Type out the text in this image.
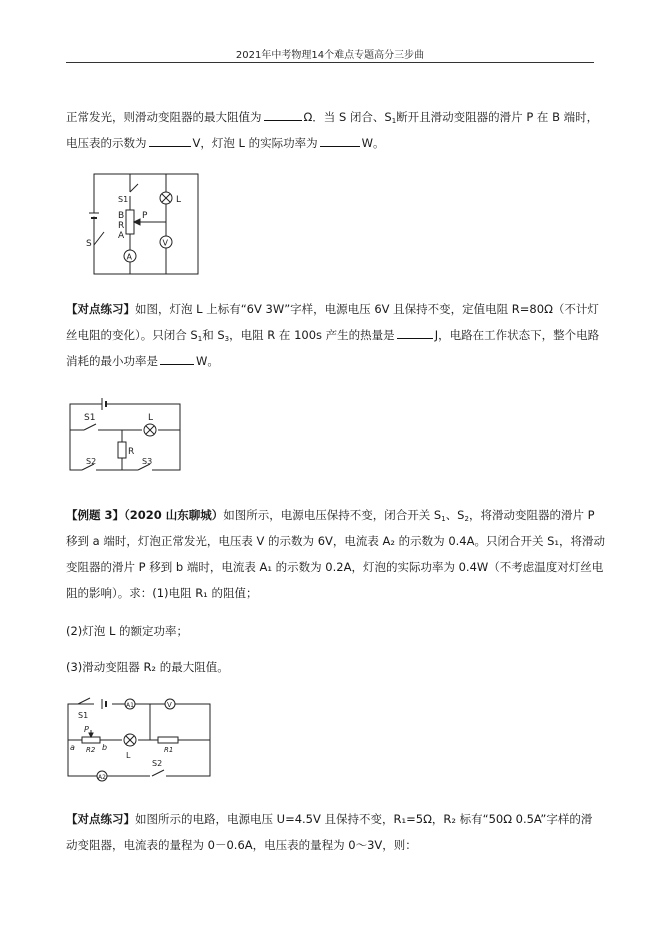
2021年中考物理14个难点专题高分三步曲
正常发光，则滑动变阻器的最大阻值为	Ω．当 S 闭合、$S_1$断开且滑动变阻器的滑片 P 在 B 端时，
电压表的示数为	V，灯泡 L 的实际功率为	W。
S1
B
R
A
P
L
V
A
S
【对点练习】如图，灯泡 L 上标有“6V 3W”字样，电源电压 6V 且保持不变，定值电阻 R=80Ω（不计灯
丝电阻的变化）。只闭合 $S_1$和 $S_3$，电阻 R 在 100s 产生的热量是	J，电路在工作状态下，整个电路
消耗的最小功率是	W。
S1	L
R
S2	S3
【例题 3】（2020 山东聊城）如图所示，电源电压保持不变，闭合开关 $S_1$、$S_2$，将滑动变阻器的滑片 P
移到 a 端时，灯泡正常发光，电压表 V 的示数为 6V，电流表 A₂ 的示数为 0.4A。只闭合开关 S₁，将滑动
变阻器的滑片 P 移到 b 端时，电流表 A₁ 的示数为 0.2A，灯泡的实际功率为 0.4W（不考虑温度对灯丝电
阻的影响）。求：(1)电阻 R₁ 的阻值；
(2)灯泡 L 的额定功率；
(3)滑动变阻器 R₂ 的最大阻值。
S1
A1	V
P
a R2 b
L
R1
A2
S2
【对点练习】如图所示的电路，电源电压 U=4.5V 且保持不变，R₁=5Ω，R₂ 标有“50Ω 0.5A”字样的滑
动变阻器，电流表的量程为 0－0.6A，电压表的量程为 0～3V，则：
